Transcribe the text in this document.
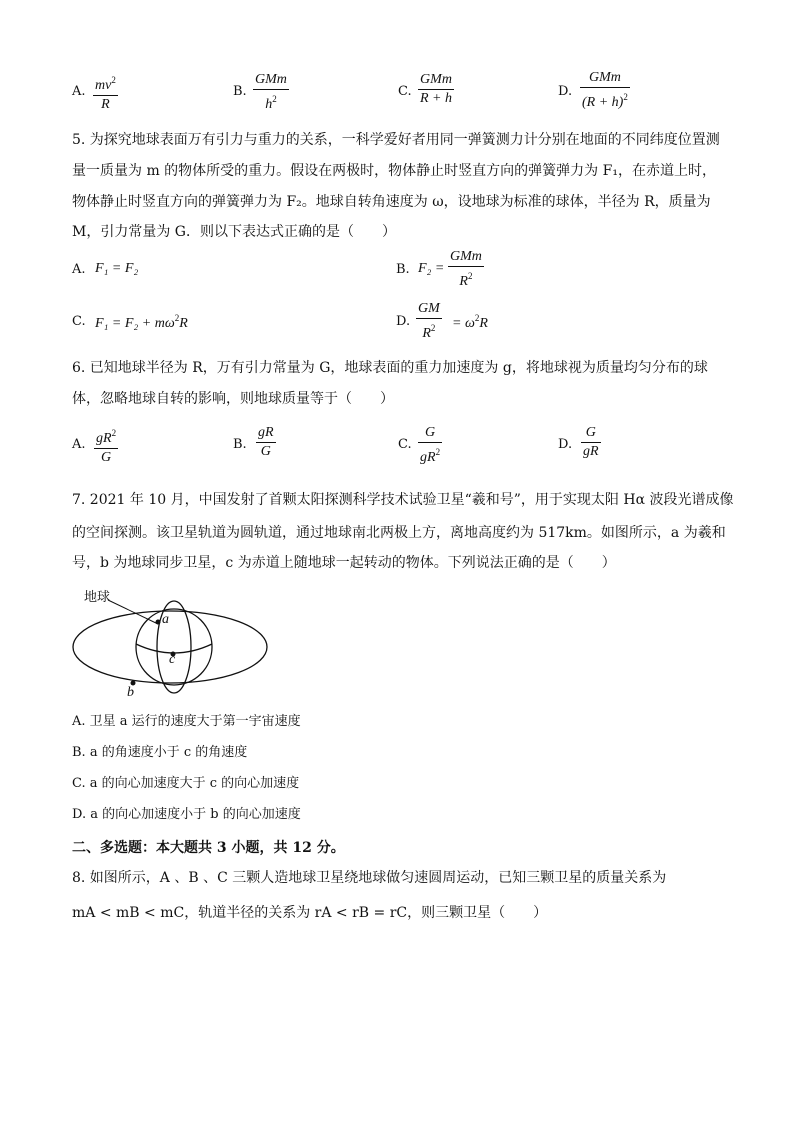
A. $mv^2$
R
B.
GMm
$h^2$	C.
GMm
R + h	D.
GMm
$(R + h)^2$
5. 为探究地球表面万有引力与重力的关系，一科学爱好者用同一弹簧测力计分别在地面的不同纬度位置测
量一质量为 m 的物体所受的重力。假设在两极时，物体静止时竖直方向的弹簧弹力为 F₁，在赤道上时，
物体静止时竖直方向的弹簧弹力为 F₂。地球自转角速度为 ω，设地球为标准的球体，半径为 R，质量为
M，引力常量为 G．则以下表达式正确的是（　　）
A. F₁ = F₂	B. F₂ =
GMm
$R^2$
C. $F_1 = F_2 + m\omega^2R$	D.
GM
$R^2 = \omega^2R$
6. 已知地球半径为 R，万有引力常量为 G，地球表面的重力加速度为 g，将地球视为质量均匀分布的球
体，忽略地球自转的影响，则地球质量等于（　　）
A. $gR^2$
G
B.
gR
G	C.
G
$gR^2$	D.
G
gR
7. 2021 年 10 月，中国发射了首颗太阳探测科学技术试验卫星“羲和号”，用于实现太阳 Hα 波段光谱成像
的空间探测。该卫星轨道为圆轨道，通过地球南北两极上方，离地高度约为 517km。如图所示，a 为羲和
号，b 为地球同步卫星，c 为赤道上随地球一起转动的物体。下列说法正确的是（　　）
地球
a
c
b
A. 卫星 a 运行的速度大于第一宇宙速度
B. a 的角速度小于 c 的角速度
C. a 的向心加速度大于 c 的向心加速度
D. a 的向心加速度小于 b 的向心加速度
二、多选题：本大题共 3 小题，共 12 分。
8. 如图所示，A 、B 、C 三颗人造地球卫星绕地球做匀速圆周运动，已知三颗卫星的质量关系为
mA < mB < mC，轨道半径的关系为 rA < rB = rC，则三颗卫星（　　）
